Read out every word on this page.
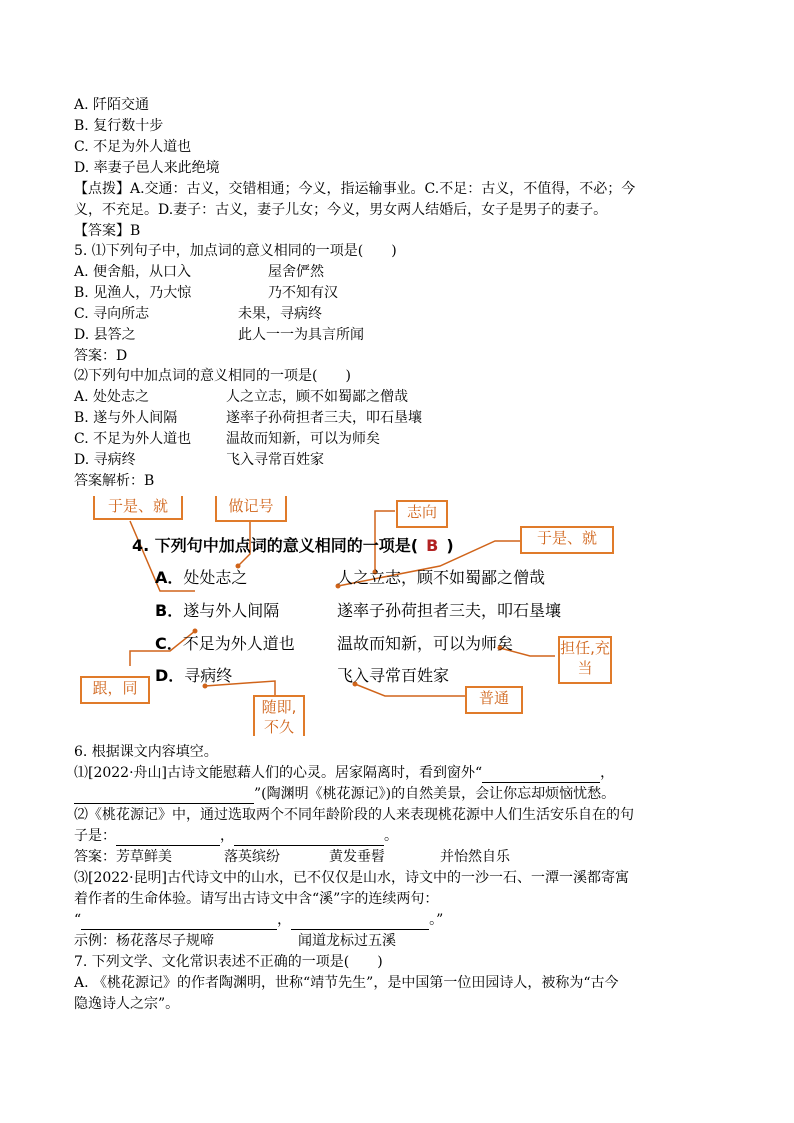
A. 阡陌交通
B. 复行数十步
C. 不足为外人道也
D. 率妻子邑人来此绝境
【点拨】A.交通：古义，交错相通；今义，指运输事业。C.不足：古义，不值得，不必；今
义，不充足。D.妻子：古义，妻子儿女；今义，男女两人结婚后，女子是男子的妻子。
【答案】B
5. ⑴下列句子中，加点词的意义相同的一项是(　　)
A. 便舍船，从口入	屋舍俨然
B. 见渔人，乃大惊	乃不知有汉
C. 寻向所志	未果，寻病终
D. 县答之	此人一一为具言所闻
答案：D
⑵下列句中加点词的意义相同的一项是(　　)
A. 处处志之	人之立志，顾不如蜀鄙之僧哉
B. 遂与外人间隔	遂率子孙荷担者三夫，叩石垦壤
C. 不足为外人道也 温故而知新，可以为师矣
D. 寻病终	飞入寻常百姓家
答案解析：B
4. 下列句中加点词的意义相同的一项是( B )
A．处处志之	人之立志，顾不如蜀鄙之僧哉
B．遂与外人间隔	遂率子孙荷担者三夫，叩石垦壤
C．不足为外人道也	温故而知新，可以为师矣
D．寻病终	飞入寻常百姓家
于是、就	做记号	志向
于是、就
担任,充当
跟，同
随即,不久
普通
6. 根据课文内容填空。
⑴[2022·舟山]古诗文能慰藉人们的心灵。居家隔离时，看到窗外“	，
”(陶渊明《桃花源记》)的自然美景，会让你忘却烦恼忧愁。
⑵《桃花源记》中，通过选取两个不同年龄阶段的人来表现桃花源中人们生活安乐自在的句
子是：	，	。
答案：芳草鲜美	落英缤纷	黄发垂髫	并怡然自乐
⑶[2022·昆明]古代诗文中的山水，已不仅仅是山水，诗文中的一沙一石、一潭一溪都寄寓
着作者的生命体验。请写出古诗文中含“溪”字的连续两句：
“	，	。”
示例：杨花落尽子规啼	闻道龙标过五溪
7. 下列文学、文化常识表述不正确的一项是(　　)
A. 《桃花源记》的作者陶渊明，世称“靖节先生”，是中国第一位田园诗人，被称为“古今
隐逸诗人之宗”。
